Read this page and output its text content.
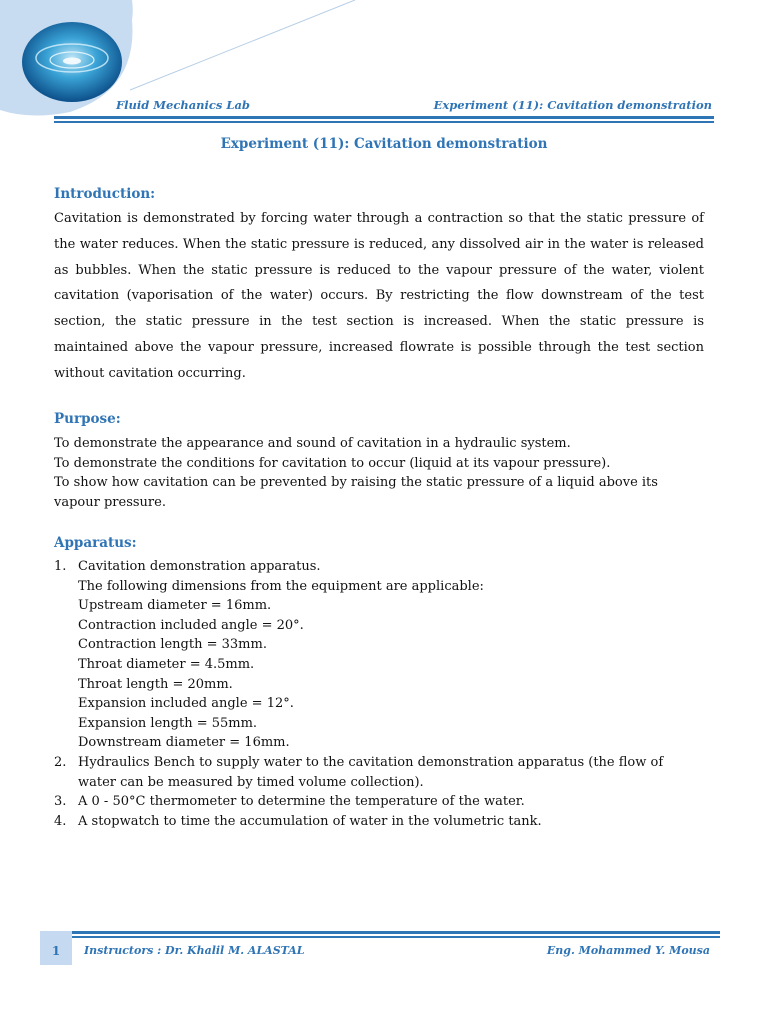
Fluid Mechanics Lab	Experiment (11): Cavitation demonstration
Experiment (11): Cavitation demonstration

Introduction:

Cavitation is demonstrated by forcing water through a contraction so that the static pressure of the water reduces. When the static pressure is reduced, any dissolved air in the water is released as bubbles. When the static pressure is reduced to the vapour pressure of the water, violent cavitation (vaporisation of the water) occurs. By restricting the flow downstream of the test section, the static pressure in the test section is increased. When the static pressure is maintained above the vapour pressure, increased flowrate is possible through the test section without cavitation occurring.

Purpose:

To demonstrate the appearance and sound of cavitation in a hydraulic system.

To demonstrate the conditions for cavitation to occur (liquid at its vapour pressure).

To show how cavitation can be prevented by raising the static pressure of a liquid above its vapour pressure.

Apparatus:

1. Cavitation demonstration apparatus.
The following dimensions from the equipment are applicable:
Upstream diameter = 16mm.
Contraction included angle = 20°.
Contraction length = 33mm.
Throat diameter = 4.5mm.
Throat length = 20mm.
Expansion included angle = 12°.
Expansion length = 55mm.
Downstream diameter = 16mm.
2. Hydraulics Bench to supply water to the cavitation demonstration apparatus (the flow of water can be measured by timed volume collection).
3. A 0 - 50°C thermometer to determine the temperature of the water.
4. A stopwatch to time the accumulation of water in the volumetric tank.
1	Instructors : Dr. Khalil M. ALASTAL	Eng. Mohammed Y. Mousa
